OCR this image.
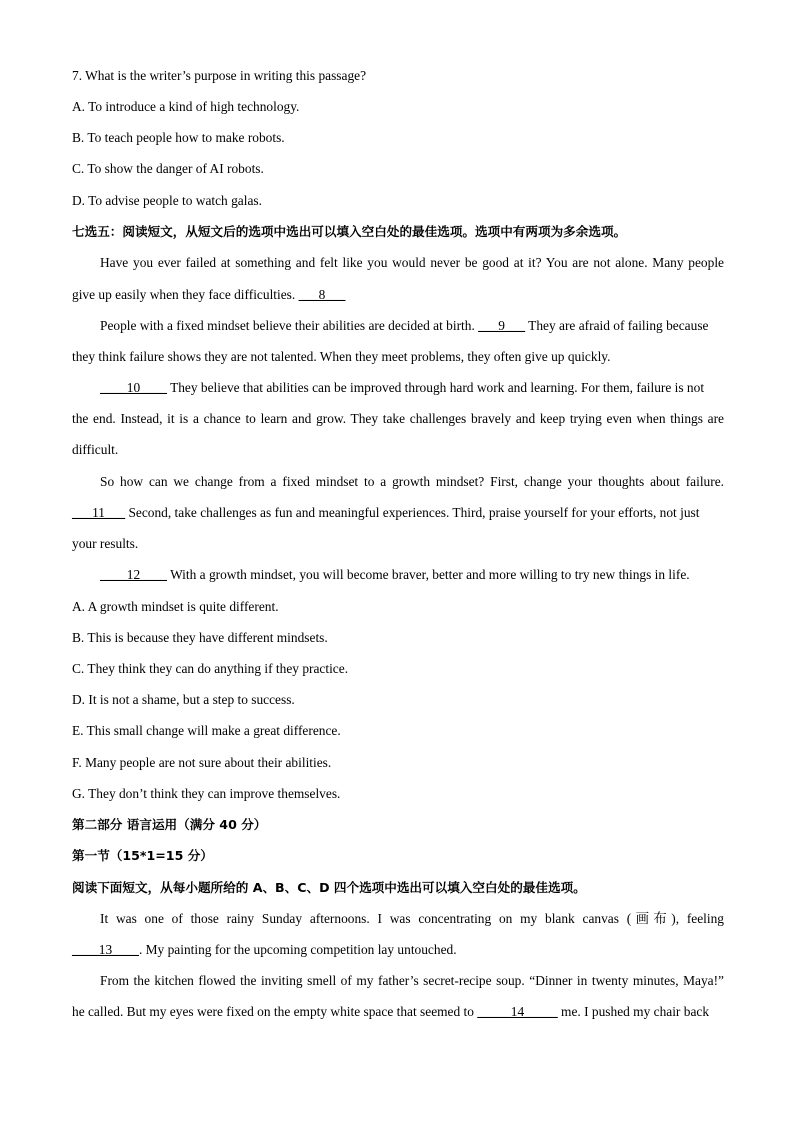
7. What is the writer’s purpose in writing this passage?
A. To introduce a kind of high technology.
B. To teach people how to make robots.
C. To show the danger of AI robots.
D. To advise people to watch galas.
七选五：阅读短文，从短文后的选项中选出可以填入空白处的最佳选项。选项中有两项为多余选项。
Have you ever failed at something and felt like you would never be good at it? You are not alone. Many people
give up easily when they face difficulties. ___8___
People with a fixed mindset believe their abilities are decided at birth. ___9___ They are afraid of failing because
they think failure shows they are not talented. When they meet problems, they often give up quickly.
____10____ They believe that abilities can be improved through hard work and learning. For them, failure is not
the end. Instead, it is a chance to learn and grow. They take challenges bravely and keep trying even when things are
difficult.
So how can we change from a fixed mindset to a growth mindset? First, change your thoughts about failure.
___11___ Second, take challenges as fun and meaningful experiences. Third, praise yourself for your efforts, not just
your results.
____12____ With a growth mindset, you will become braver, better and more willing to try new things in life.
A. A growth mindset is quite different.
B. This is because they have different mindsets.
C. They think they can do anything if they practice.
D. It is not a shame, but a step to success.
E. This small change will make a great difference.
F. Many people are not sure about their abilities.
G. They don’t think they can improve themselves.
第二部分 语言运用（满分 40 分）
第一节（15*1=15 分）
阅读下面短文，从每小题所给的 A、B、C、D 四个选项中选出可以填入空白处的最佳选项。
It was one of those rainy Sunday afternoons. I was concentrating on my blank canvas (画布), feeling
____13____. My painting for the upcoming competition lay untouched.
From the kitchen flowed the inviting smell of my father’s secret-recipe soup. “Dinner in twenty minutes, Maya!”
he called. But my eyes were fixed on the empty white space that seemed to _____14_____ me. I pushed my chair back
